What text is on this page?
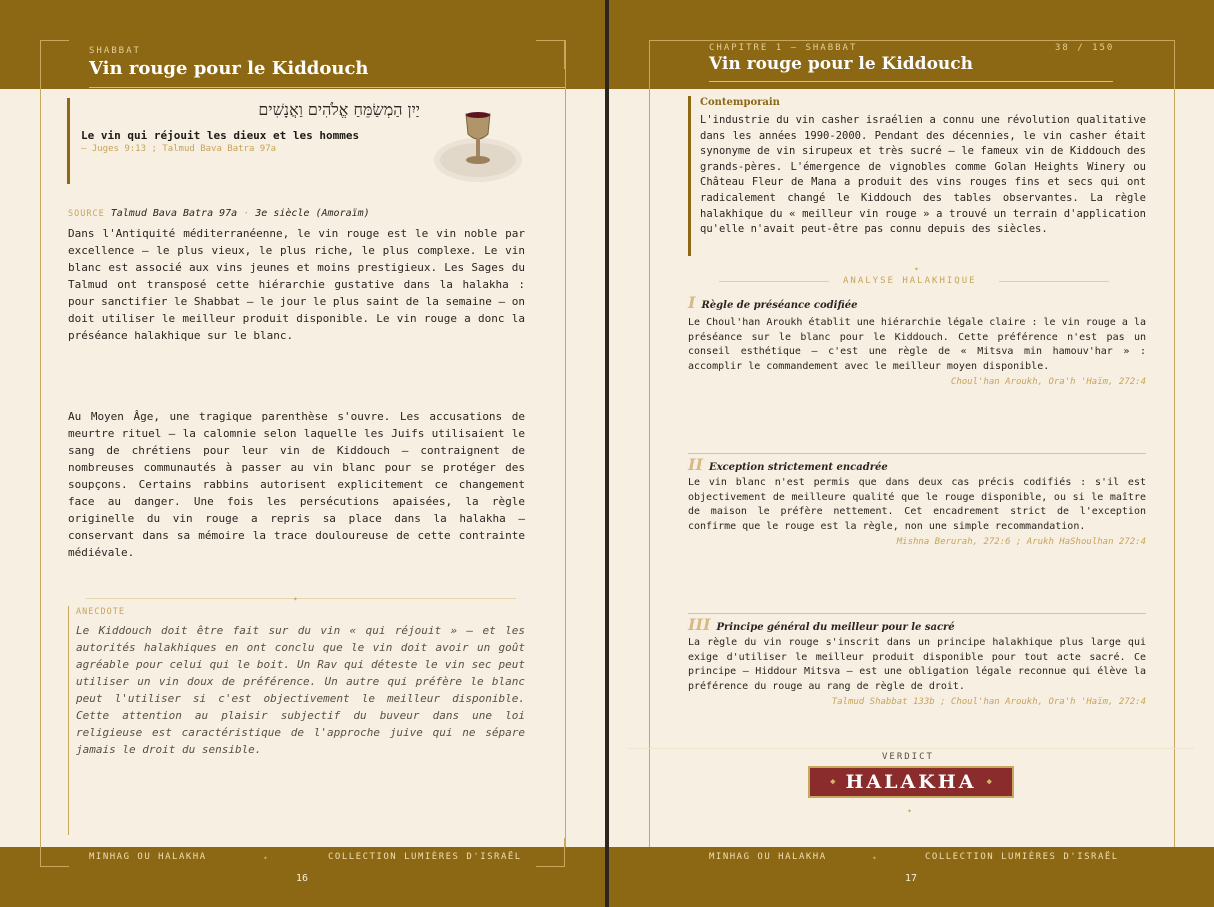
SHABBAT
Vin rouge pour le Kiddouch
יַיִן הַמְשַׂמֵּחַ אֱלֹהִים וַאֲנָשִׁים
Le vin qui réjouit les dieux et les hommes
— Juges 9:13 ; Talmud Bava Batra 97a
SOURCE Talmud Bava Batra 97a · 3e siècle (Amoraïm)
Dans l'Antiquité méditerranéenne, le vin rouge est le vin noble par excellence — le plus vieux, le plus riche, le plus complexe. Le vin blanc est associé aux vins jeunes et moins prestigieux. Les Sages du Talmud ont transposé cette hiérarchie gustative dans la halakha : pour sanctifier le Shabbat — le jour le plus saint de la semaine — on doit utiliser le meilleur produit disponible. Le vin rouge a donc la préséance halakhique sur le blanc.
Au Moyen Âge, une tragique parenthèse s'ouvre. Les accusations de meurtre rituel — la calomnie selon laquelle les Juifs utilisaient le sang de chrétiens pour leur vin de Kiddouch — contraignent de nombreuses communautés à passer au vin blanc pour se protéger des soupçons. Certains rabbins autorisent explicitement ce changement face au danger. Une fois les persécutions apaisées, la règle originelle du vin rouge a repris sa place dans la halakha — conservant dans sa mémoire la trace douloureuse de cette contrainte médiévale.
✦
ANECDOTE
Le Kiddouch doit être fait sur du vin « qui réjouit » — et les autorités halakhiques en ont conclu que le vin doit avoir un goût agréable pour celui qui le boit. Un Rav qui déteste le vin sec peut utiliser un vin doux de préférence. Un autre qui préfère le blanc peut l'utiliser si c'est objectivement le meilleur disponible. Cette attention au plaisir subjectif du buveur dans une loi religieuse est caractéristique de l'approche juive qui ne sépare jamais le droit du sensible.
MINHAG OU HALAKHA	✦	COLLECTION LUMIÈRES D'ISRAËL
16
CHAPITRE 1 — SHABBAT	38 / 150
Vin rouge pour le Kiddouch
Contemporain
L'industrie du vin casher israélien a connu une révolution qualitative dans les années 1990-2000. Pendant des décennies, le vin casher était synonyme de vin sirupeux et très sucré — le fameux vin de Kiddouch des grands-pères. L'émergence de vignobles comme Golan Heights Winery ou Château Fleur de Mana a produit des vins rouges fins et secs qui ont radicalement changé le Kiddouch des tables observantes. La règle halakhique du « meilleur vin rouge » a trouvé un terrain d'application qu'elle n'avait peut-être pas connu depuis des siècles.
✦
ANALYSE HALAKHIQUE
I Règle de préséance codifiée
Le Choul'han Aroukh établit une hiérarchie légale claire : le vin rouge a la préséance sur le blanc pour le Kiddouch. Cette préférence n'est pas un conseil esthétique — c'est une règle de « Mitsva min hamouv'har » : accomplir le commandement avec le meilleur moyen disponible.
Choul'han Aroukh, Ora'h 'Haïm, 272:4
II Exception strictement encadrée
Le vin blanc n'est permis que dans deux cas précis codifiés : s'il est objectivement de meilleure qualité que le rouge disponible, ou si le maître de maison le préfère nettement. Cet encadrement strict de l'exception confirme que le rouge est la règle, non une simple recommandation.
Mishna Berurah, 272:6 ; Arukh HaShoulhan 272:4
III Principe général du meilleur pour le sacré
La règle du vin rouge s'inscrit dans un principe halakhique plus large qui exige d'utiliser le meilleur produit disponible pour tout acte sacré. Ce principe — Hiddour Mitsva — est une obligation légale reconnue qui élève la préférence du rouge au rang de règle de droit.
Talmud Shabbat 133b ; Choul'han Aroukh, Ora'h 'Haïm, 272:4
VERDICT
◆ HALAKHA ◆
✦
MINHAG OU HALAKHA	✦	COLLECTION LUMIÈRES D'ISRAËL
17
